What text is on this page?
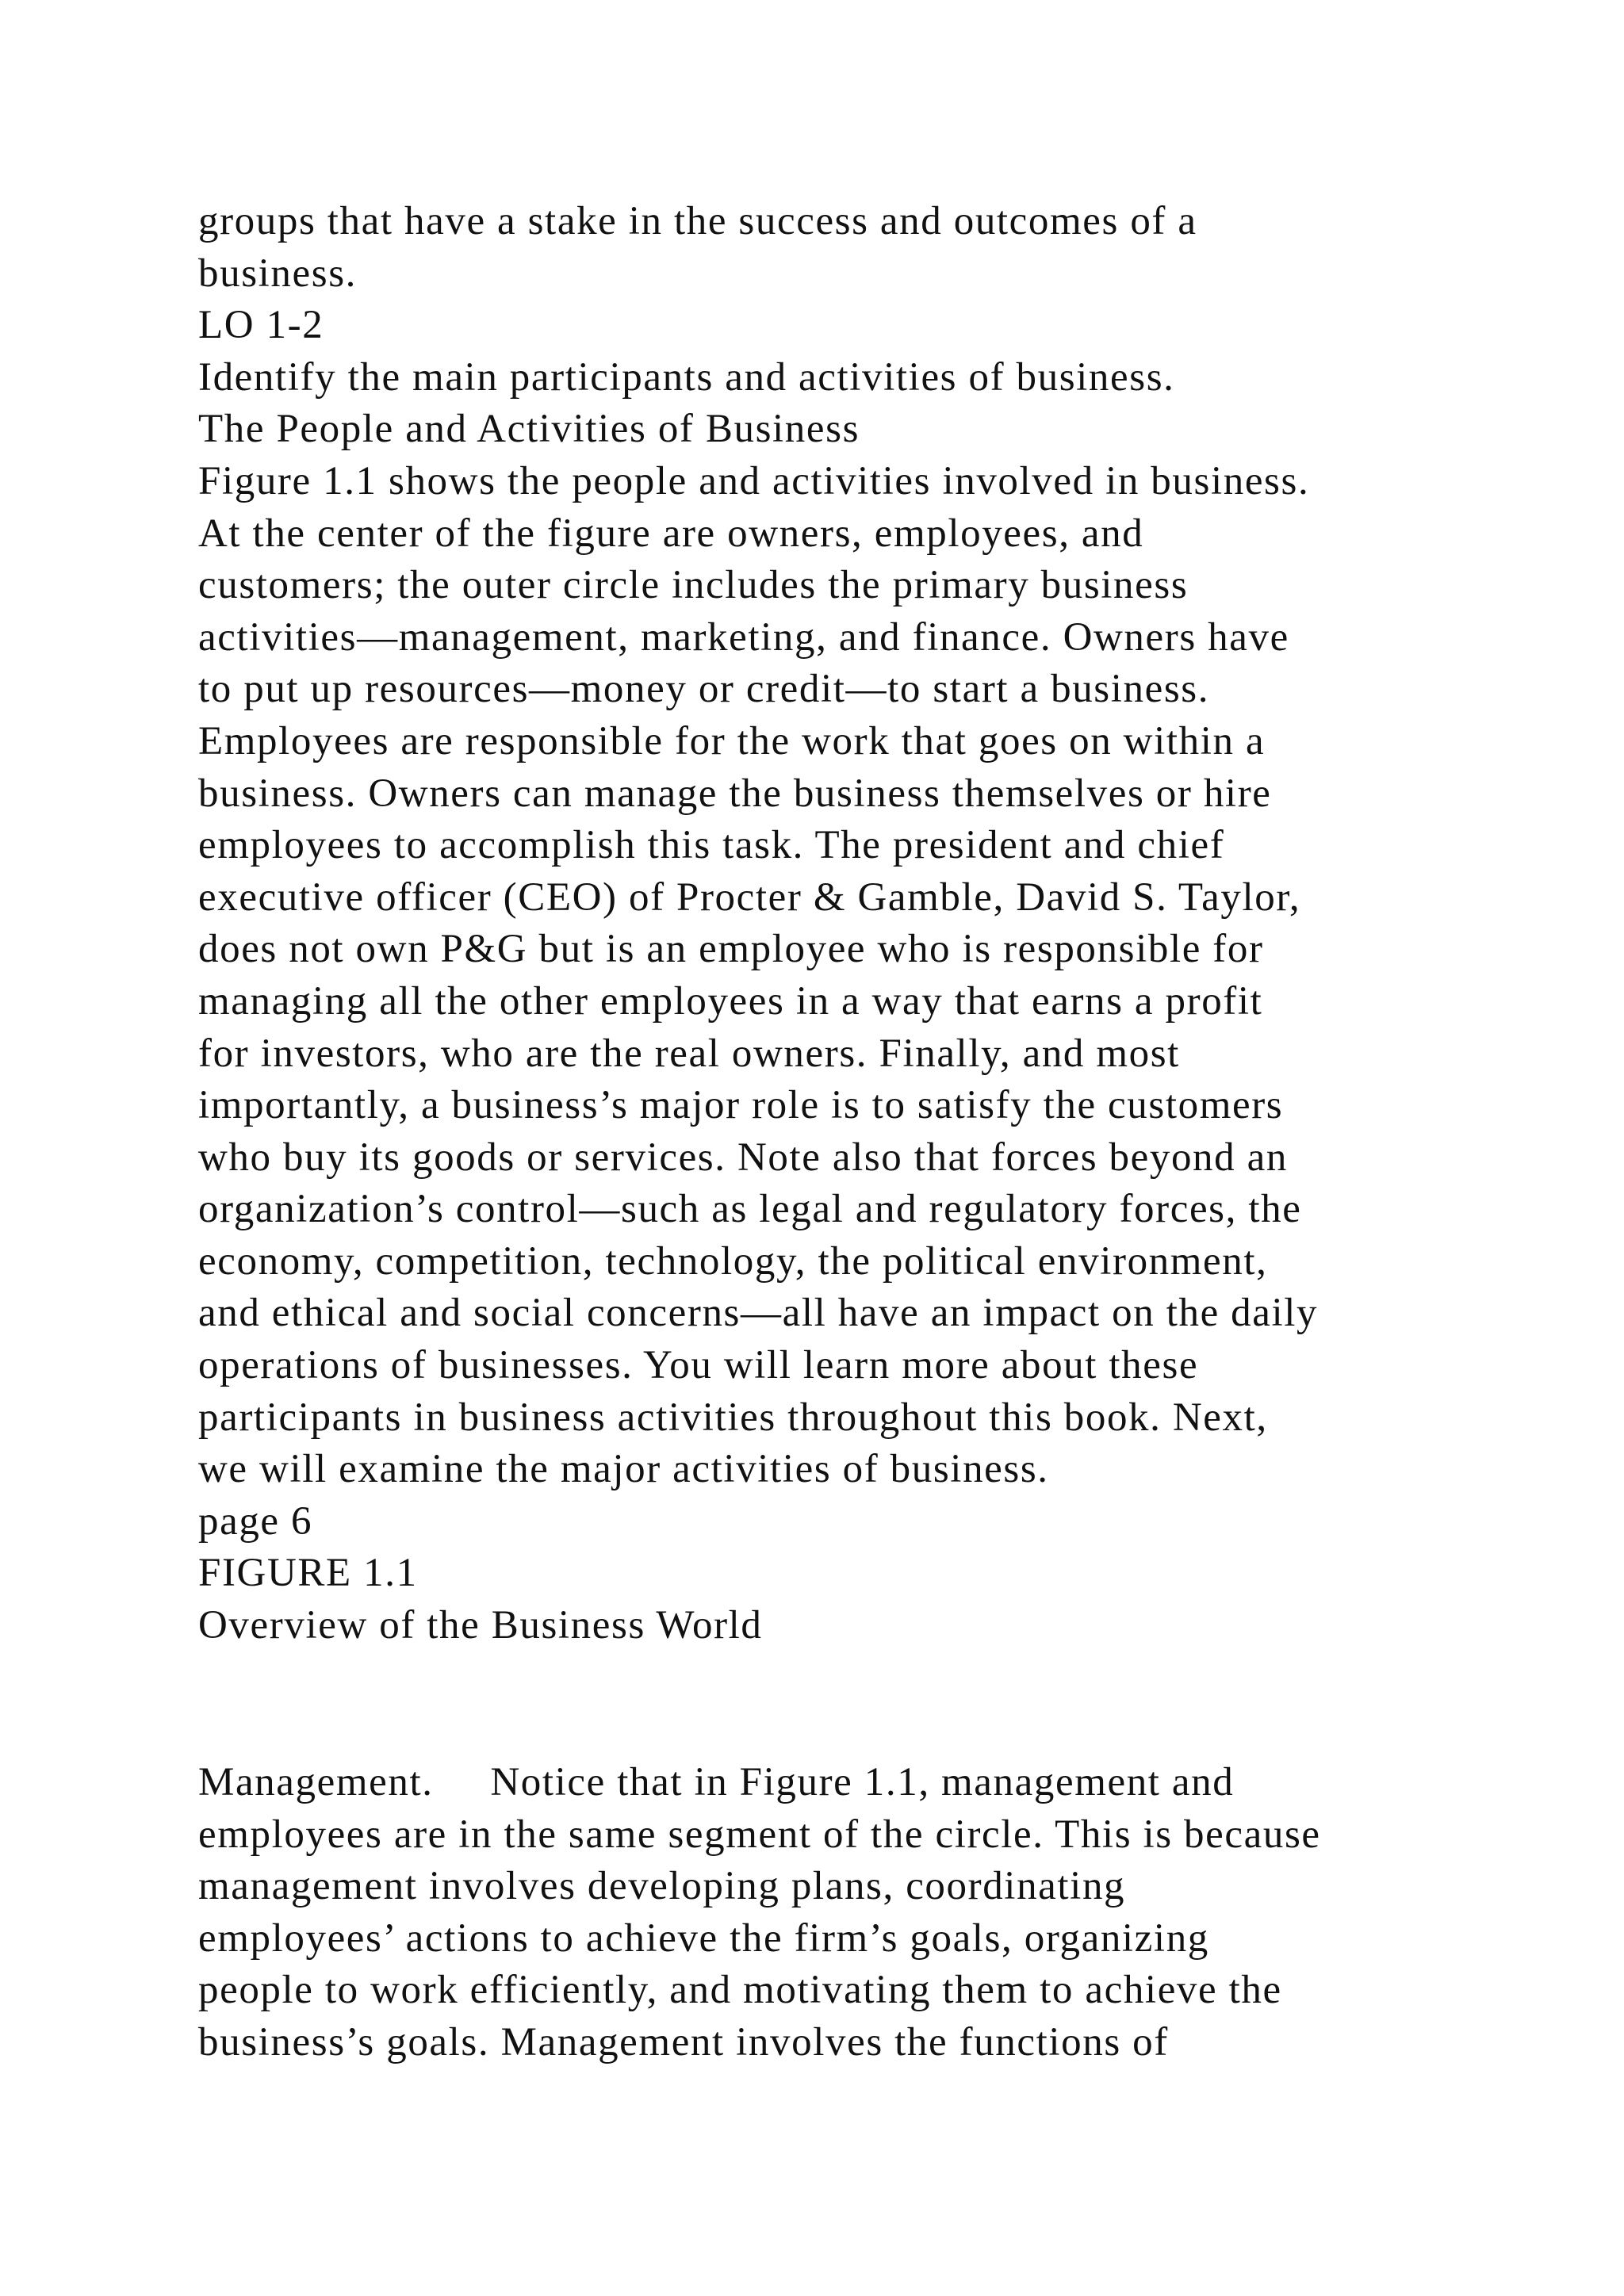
groups that have a stake in the success and outcomes of a
business.
LO 1-2
Identify the main participants and activities of business.
The People and Activities of Business
Figure 1.1 shows the people and activities involved in business.
At the center of the figure are owners, employees, and
customers; the outer circle includes the primary business
activities—management, marketing, and finance. Owners have
to put up resources—money or credit—to start a business.
Employees are responsible for the work that goes on within a
business. Owners can manage the business themselves or hire
employees to accomplish this task. The president and chief
executive officer (CEO) of Procter & Gamble, David S. Taylor,
does not own P&G but is an employee who is responsible for
managing all the other employees in a way that earns a profit
for investors, who are the real owners. Finally, and most
importantly, a business’s major role is to satisfy the customers
who buy its goods or services. Note also that forces beyond an
organization’s control—such as legal and regulatory forces, the
economy, competition, technology, the political environment,
and ethical and social concerns—all have an impact on the daily
operations of businesses. You will learn more about these
participants in business activities throughout this book. Next,
we will examine the major activities of business.
page 6
FIGURE 1.1
Overview of the Business World
Management.     Notice that in Figure 1.1, management and
employees are in the same segment of the circle. This is because
management involves developing plans, coordinating
employees’ actions to achieve the firm’s goals, organizing
people to work efficiently, and motivating them to achieve the
business’s goals. Management involves the functions of
